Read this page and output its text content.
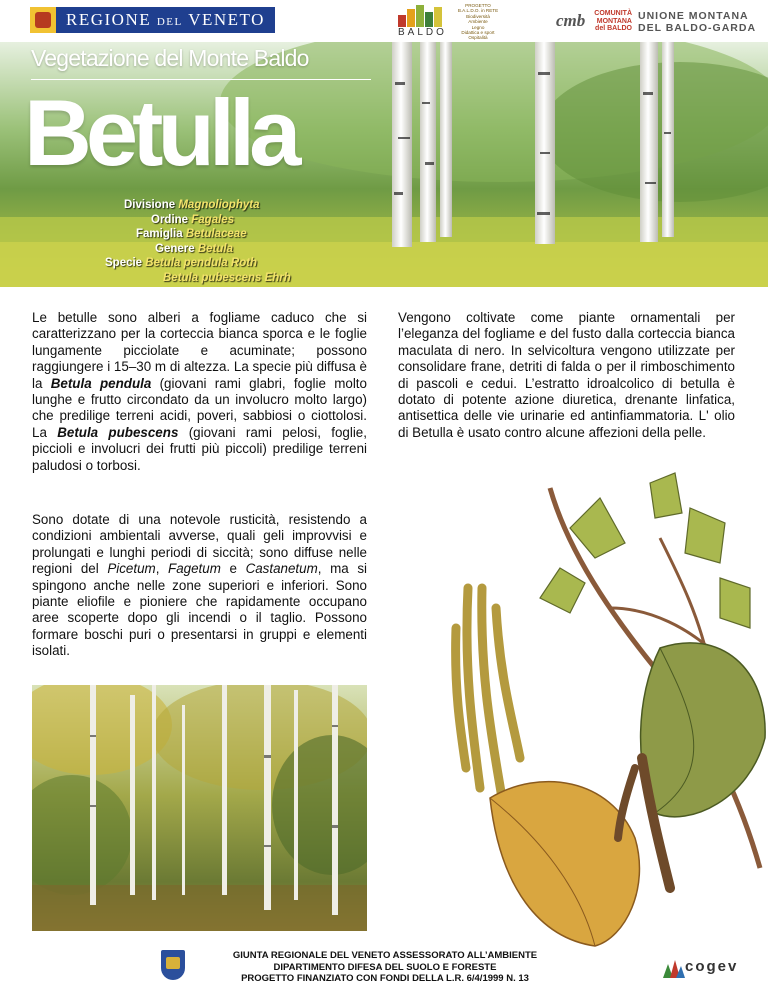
REGIONE DEL VENETO
BALDO
PROGETTO
B.A.L.D.O. in RETE
Biodiversità
Ambiente
Legno
Didattica e sport
Ospitalità
cmb	COMUNITÀ
MONTANA
del BALDO
UNIONE MONTANA
DEL BALDO-GARDA
Vegetazione del Monte Baldo
Betulla
Divisione Magnoliophyta
Ordine Fagales
Famiglia Betulaceae
Genere Betula
Specie Betula pendula Roth
Betula pubescens Ehrh

Le betulle sono alberi a fogliame caduco che si caratterizzano per la corteccia bianca sporca e le foglie lungamente picciolate e acuminate; possono raggiungere i 15–30 m di altezza. La specie più diffusa è la Betula pendula (giovani rami glabri, foglie molto lunghe e frutto circondato da un involucro molto largo) che predilige terreni acidi, poveri, sabbiosi o ciottolosi. La Betula pubescens (giovani rami pelosi, foglie, piccioli e involucri dei frutti più piccoli) predilige terreni paludosi o torbosi.

Vengono coltivate come piante ornamentali per l’eleganza del fogliame e del fusto dalla corteccia bianca maculata di nero. In selvicoltura vengono utilizzate per consolidare frane, detriti di falda o per il rimboschimento di pascoli e cedui. L’estratto idroalcolico di betulla è dotato di potente azione diuretica, drenante linfatica, antisettica delle vie urinarie ed antinfiammatoria. L' olio di Betulla è usato contro alcune affezioni della pelle.

Sono dotate di una notevole rusticità, resistendo a condizioni ambientali avverse, quali geli improvvisi e prolungati e lunghi periodi di siccità; sono diffuse nelle regioni del Picetum, Fagetum e Castanetum, ma si spingono anche nelle zone superiori e inferiori. Sono piante eliofile e pioniere che rapidamente occupano aree scoperte dopo gli incendi o il taglio. Possono formare boschi puri o presentarsi in gruppi e elementi isolati.

GIUNTA REGIONALE DEL VENETO ASSESSORATO ALL’AMBIENTE
DIPARTIMENTO DIFESA DEL SUOLO E FORESTE
PROGETTO FINANZIATO CON FONDI DELLA L.R. 6/4/1999 N. 13
cogev
